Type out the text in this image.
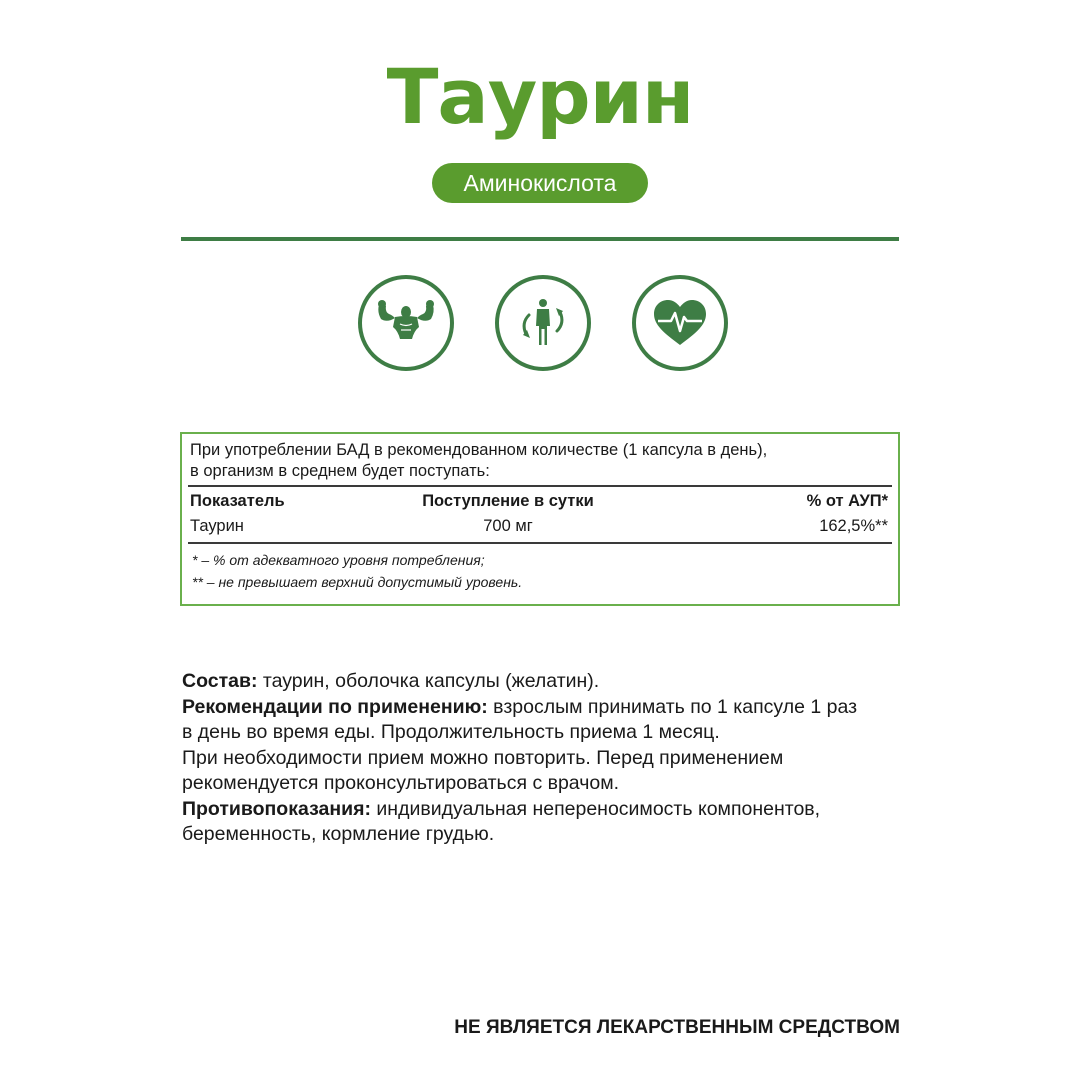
Таурин
Аминокислота
При употреблении БАД в рекомендованном количестве (1 капсула в день),
в организм в среднем будет поступать:
Показатель	Поступление в сутки	% от АУП*
Таурин	700 мг	162,5%**
* – % от адекватного уровня потребления;
** – не превышает верхний допустимый уровень.

Состав: таурин, оболочка капсулы (желатин).

Рекомендации по применению: взрослым принимать по 1 капсуле 1 раз

в день во время еды. Продолжительность приема 1 месяц.

При необходимости прием можно повторить. Перед применением

рекомендуется проконсультироваться с врачом.

Противопоказания: индивидуальная непереносимость компонентов,

беременность, кормление грудью.

НЕ ЯВЛЯЕТСЯ ЛЕКАРСТВЕННЫМ СРЕДСТВОМ
